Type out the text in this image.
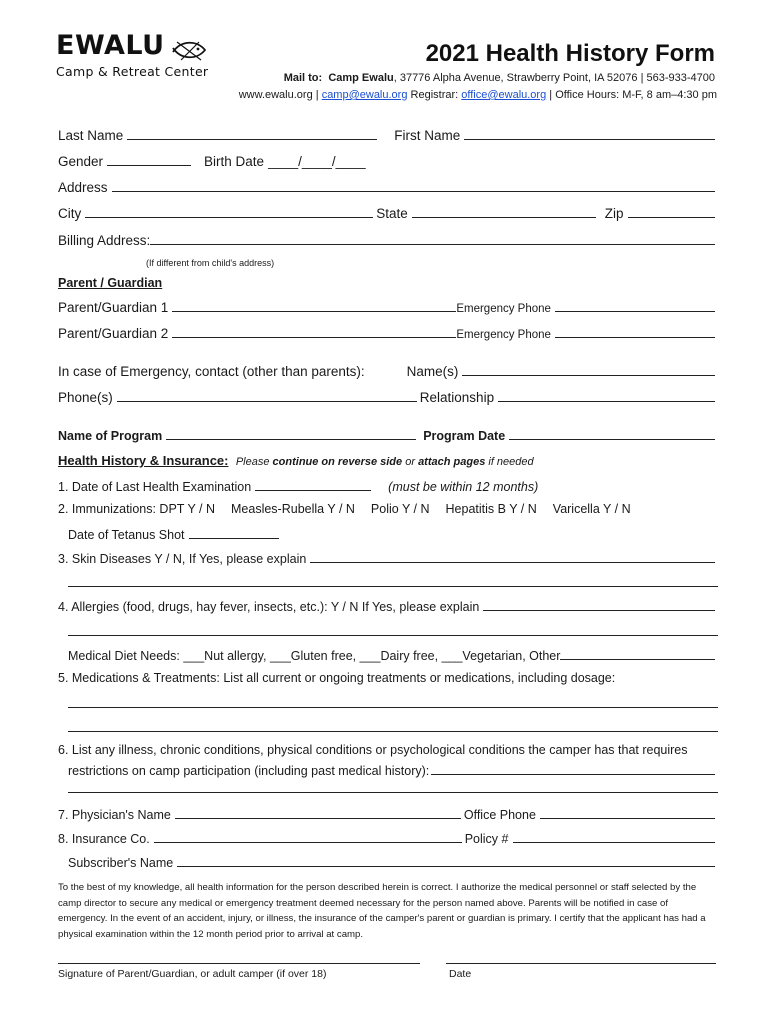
EWALU
Camp & Retreat Center
2021 Health History Form
Mail to: Camp Ewalu, 37776 Alpha Avenue, Strawberry Point, IA 52076 | 563-933-4700
www.ewalu.org | camp@ewalu.org Registrar: office@ewalu.org | Office Hours: M-F, 8 am–4:30 pm
Last Name	First Name
Gender	Birth Date ____/____/____
Address
City	State	Zip
Billing Address:
(If different from child's address)
Parent / Guardian
Parent/Guardian 1	Emergency Phone
Parent/Guardian 2	Emergency Phone
In case of Emergency, contact (other than parents):	Name(s)
Phone(s)	Relationship
Name of Program	Program Date
Health History & Insurance: Please continue on reverse side or attach pages if needed
1. Date of Last Health Examination	(must be within 12 months)
2. Immunizations: DPT Y / N Measles-Rubella Y / N Polio Y / N Hepatitis B Y / N Varicella Y / N
Date of Tetanus Shot
3. Skin Diseases Y / N, If Yes, please explain
4. Allergies (food, drugs, hay fever, insects, etc.): Y / N If Yes, please explain
Medical Diet Needs: ___Nut allergy, ___Gluten free, ___Dairy free, ___Vegetarian, Other
5. Medications & Treatments: List all current or ongoing treatments or medications, including dosage:
6. List any illness, chronic conditions, physical conditions or psychological conditions the camper has that requires
restrictions on camp participation (including past medical history):
7. Physician's Name	Office Phone
8. Insurance Co.	Policy #
Subscriber's Name
To the best of my knowledge, all health information for the person described herein is correct. I authorize the medical personnel or staff selected by the camp director to secure any medical or emergency treatment deemed necessary for the person named above. Parents will be notified in case of emergency. In the event of an accident, injury, or illness, the insurance of the camper's parent or guardian is primary. I certify that the applicant has had a physical examination within the 12 month period prior to arrival at camp.
Signature of Parent/Guardian, or adult camper (if over 18)	Date
